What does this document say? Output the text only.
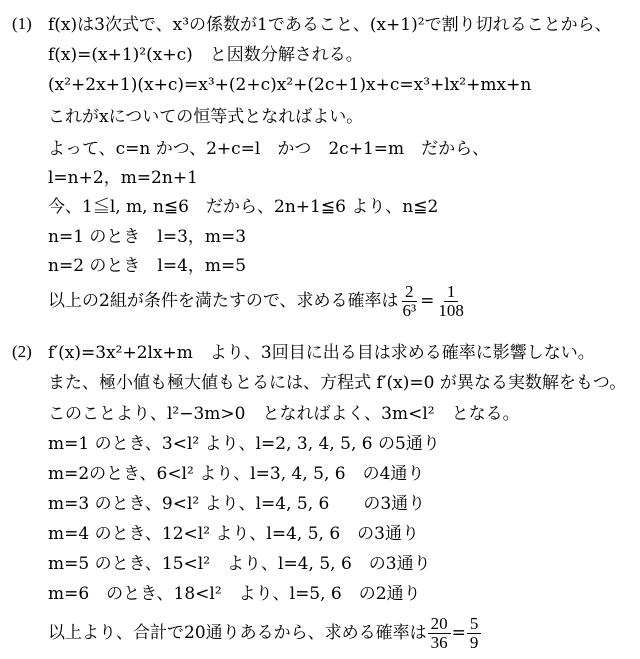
(1) f(x)は3次式で、x³の係数が1であること、(x+1)²で割り切れることから、
f(x)=(x+1)²(x+c)　と因数分解される。
(x²+2x+1)(x+c)=x³+(2+c)x²+(2c+1)x+c=x³+lx²+mx+n
これがxについての恒等式となればよい。
よって、c=n かつ、2+c=l　かつ　2c+1=m　だから、
l=n+2，m=2n+1
今、1≦l, m, n≦6　だから、2n+1≦6 より、n≦2
n=1 のとき　l=3，m=3
n=2 のとき　l=4，m=5
以上の2組が条件を満たすので、求める確率は $\frac{2}{\text{6³}} = \frac{1}{108}$
(2) f′(x)=3x²+2lx+m　より、3回目に出る目は求める確率に影響しない。
また、極小値も極大値もとるには、方程式 f′(x)=0 が異なる実数解をもつ。
このことより、l²−3m>0　となればよく、3m<l²　となる。
m=1 のとき、3<l² より、l=2, 3, 4, 5, 6 の5通り
m=2のとき、6<l² より、l=3, 4, 5, 6　の4通り
m=3 のとき、9<l² より、l=4, 5, 6　　の3通り
m=4 のとき、12<l² より、l=4, 5, 6　の3通り
m=5 のとき、15<l²　より、l=4, 5, 6　の3通り
m=6　のとき、18<l²　より、l=5, 6　の2通り
以上より、合計で20通りあるから、求める確率は $\frac{20}{36} = \frac{5}{9}$
